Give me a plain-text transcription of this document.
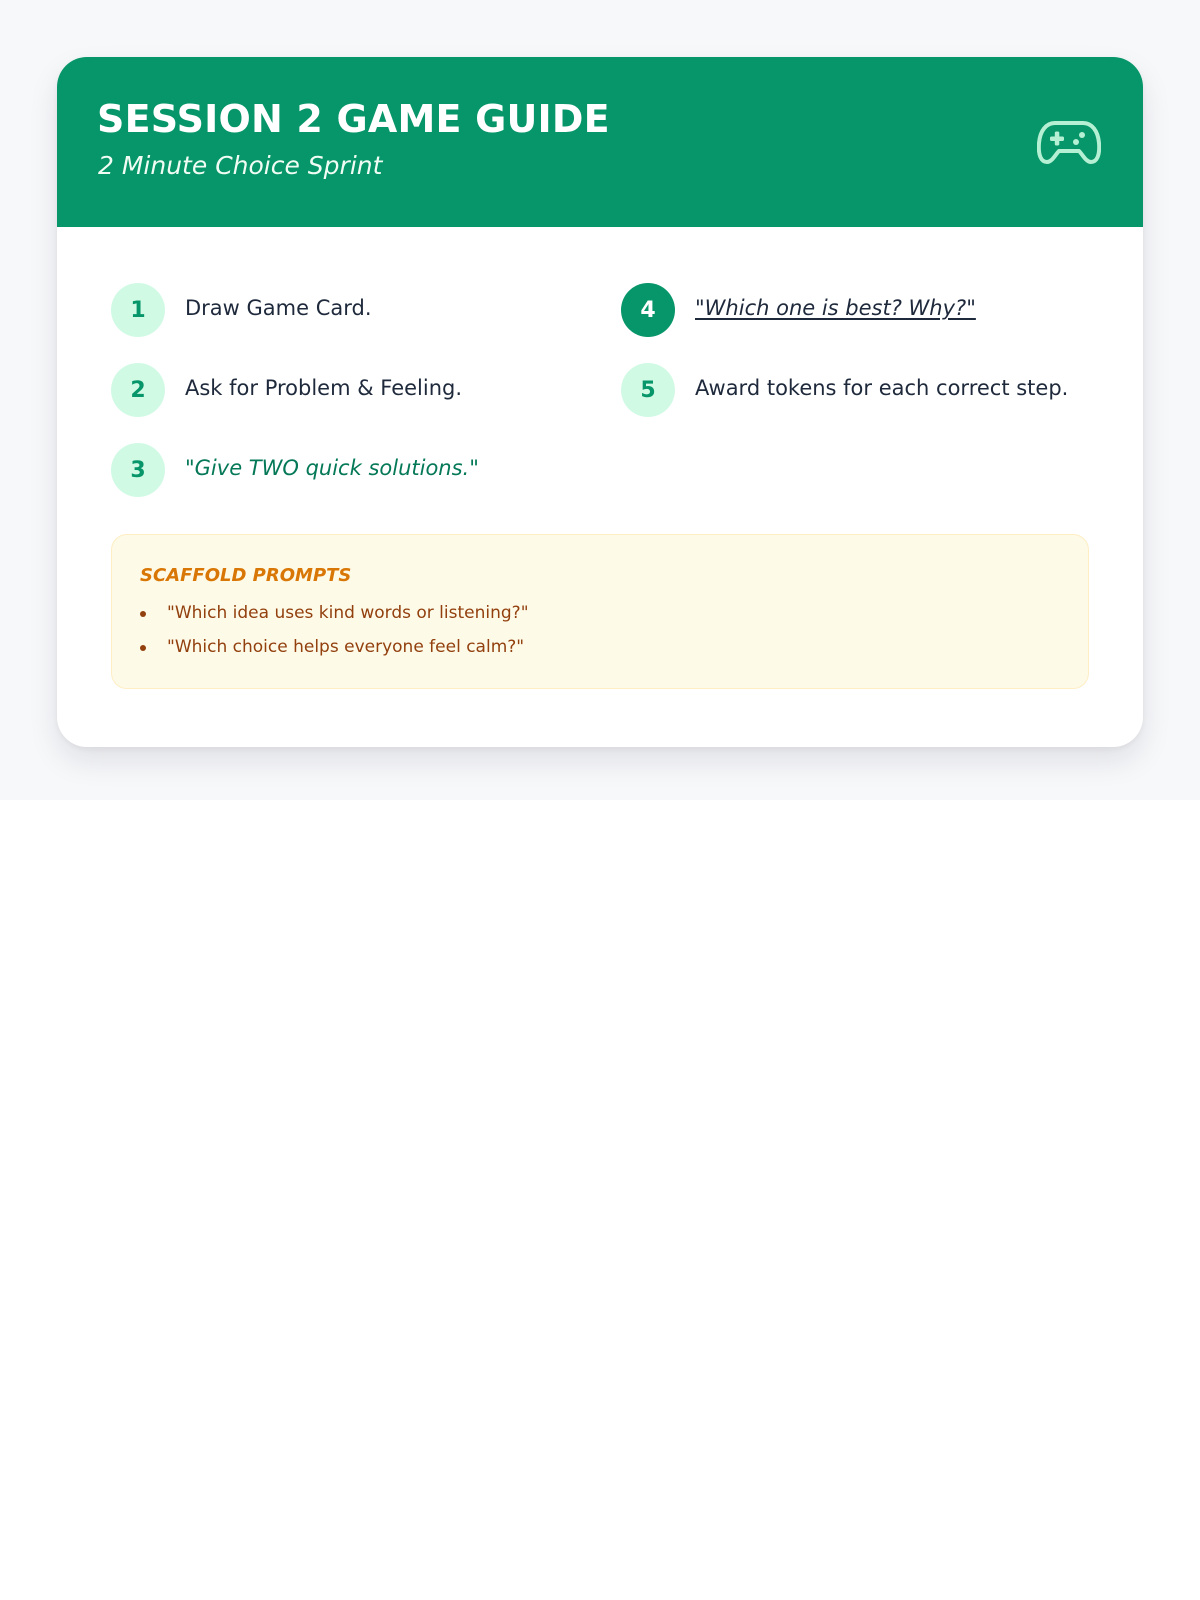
SESSION 2 GAME GUIDE
2 Minute Choice Sprint
1	Draw Game Card.
2	Ask for Problem & Feeling.
3	"Give TWO quick solutions."
4	"Which one is best? Why?"
5	Award tokens for each correct step.
SCAFFOLD PROMPTS
"Which idea uses kind words or listening?"
"Which choice helps everyone feel calm?"
